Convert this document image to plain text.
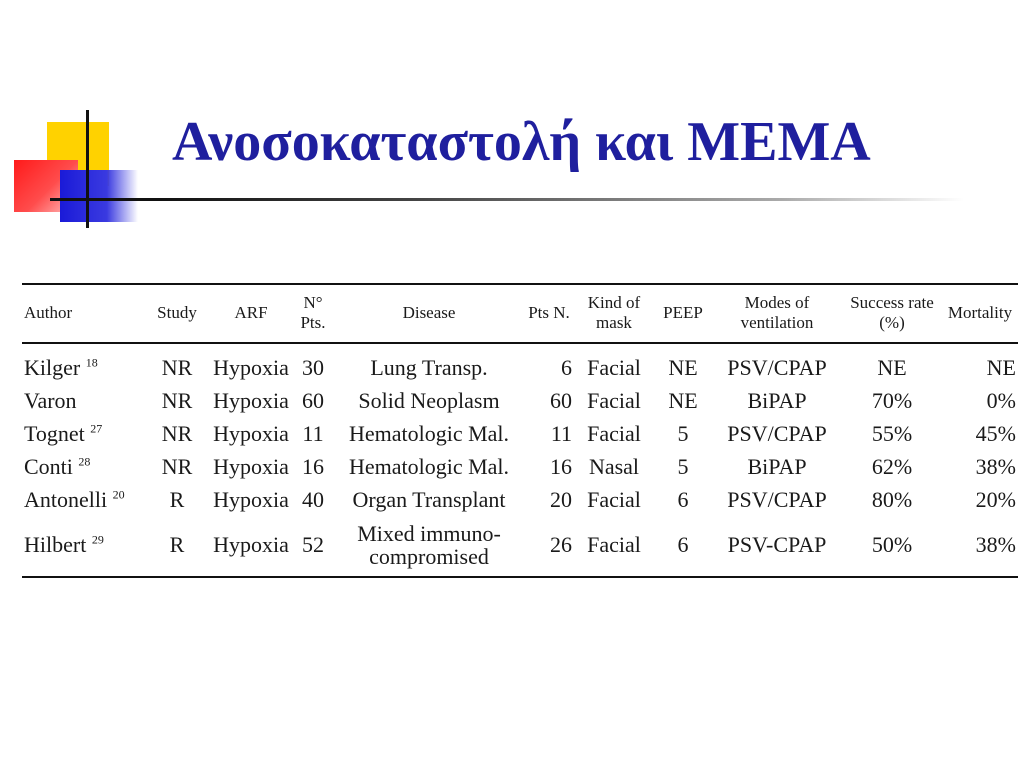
Ανοσοκαταστολή και ΜΕΜΑ
Author	Study	ARF	N° Pts.	Disease	Pts N.	Kind of mask	PEEP	Modes of ventilation	Success rate (%)	Mortality
Kilger $^{18}$	NR	Hypoxia	30	Lung Transp.	6	Facial	NE	PSV/CPAP	NE	NE
Varon	NR	Hypoxia	60	Solid Neoplasm	60	Facial	NE	BiPAP	70%	0%
Tognet $^{27}$	NR	Hypoxia	11	Hematologic Mal.	11	Facial	5	PSV/CPAP	55%	45%
Conti $^{28}$	NR	Hypoxia	16	Hematologic Mal.	16	Nasal	5	BiPAP	62%	38%
Antonelli $^{20}$	R	Hypoxia	40	Organ Transplant	20	Facial	6	PSV/CPAP	80%	20%
Hilbert $^{29}$	R	Hypoxia	52	Mixed immuno-compromised	26	Facial	6	PSV-CPAP	50%	38%
